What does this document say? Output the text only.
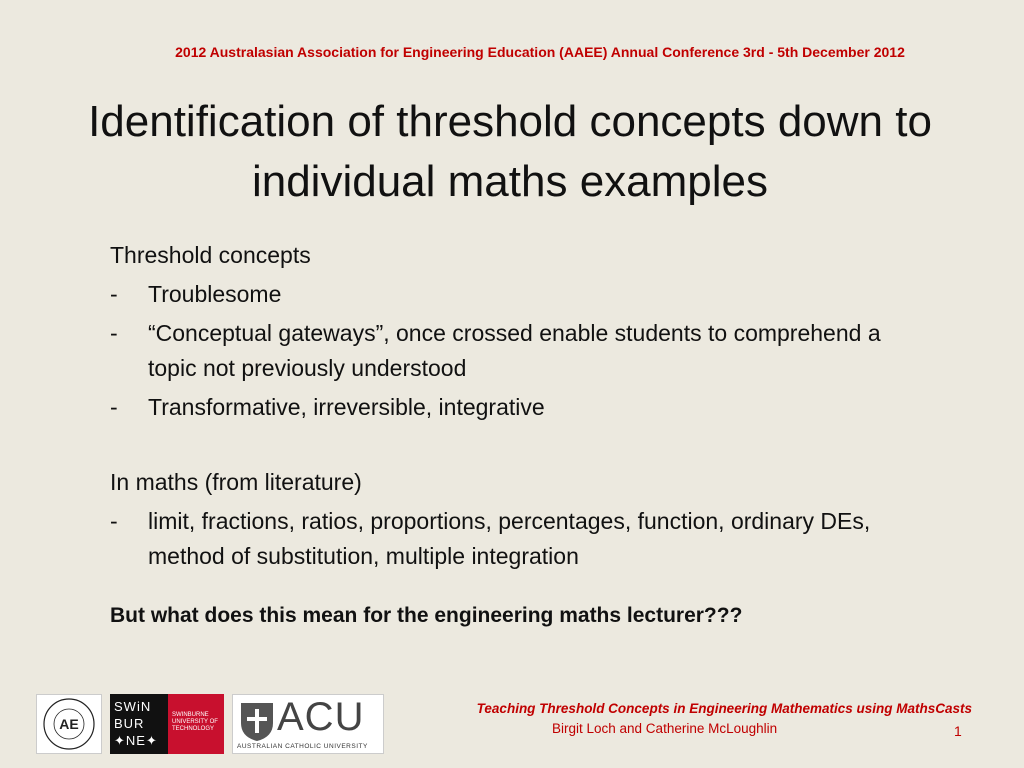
2012 Australasian Association for Engineering Education (AAEE) Annual Conference 3rd - 5th December 2012
Identification of threshold concepts down to individual maths examples
Threshold concepts
-	Troublesome
-	“Conceptual gateways”, once crossed enable students to comprehend a topic not previously understood
-	Transformative, irreversible, integrative
In maths (from literature)
-	limit, fractions, ratios, proportions, percentages, function, ordinary DEs, method of substitution, multiple integration
But what does this mean for the engineering maths lecturer???
AE
SWiN BUR ✦NE✦
SWINBURNE UNIVERSITY OF TECHNOLOGY ACU
AUSTRALIAN CATHOLIC UNIVERSITY
Teaching Threshold Concepts in Engineering Mathematics using MathsCasts
Birgit Loch and Catherine McLoughlin	1
